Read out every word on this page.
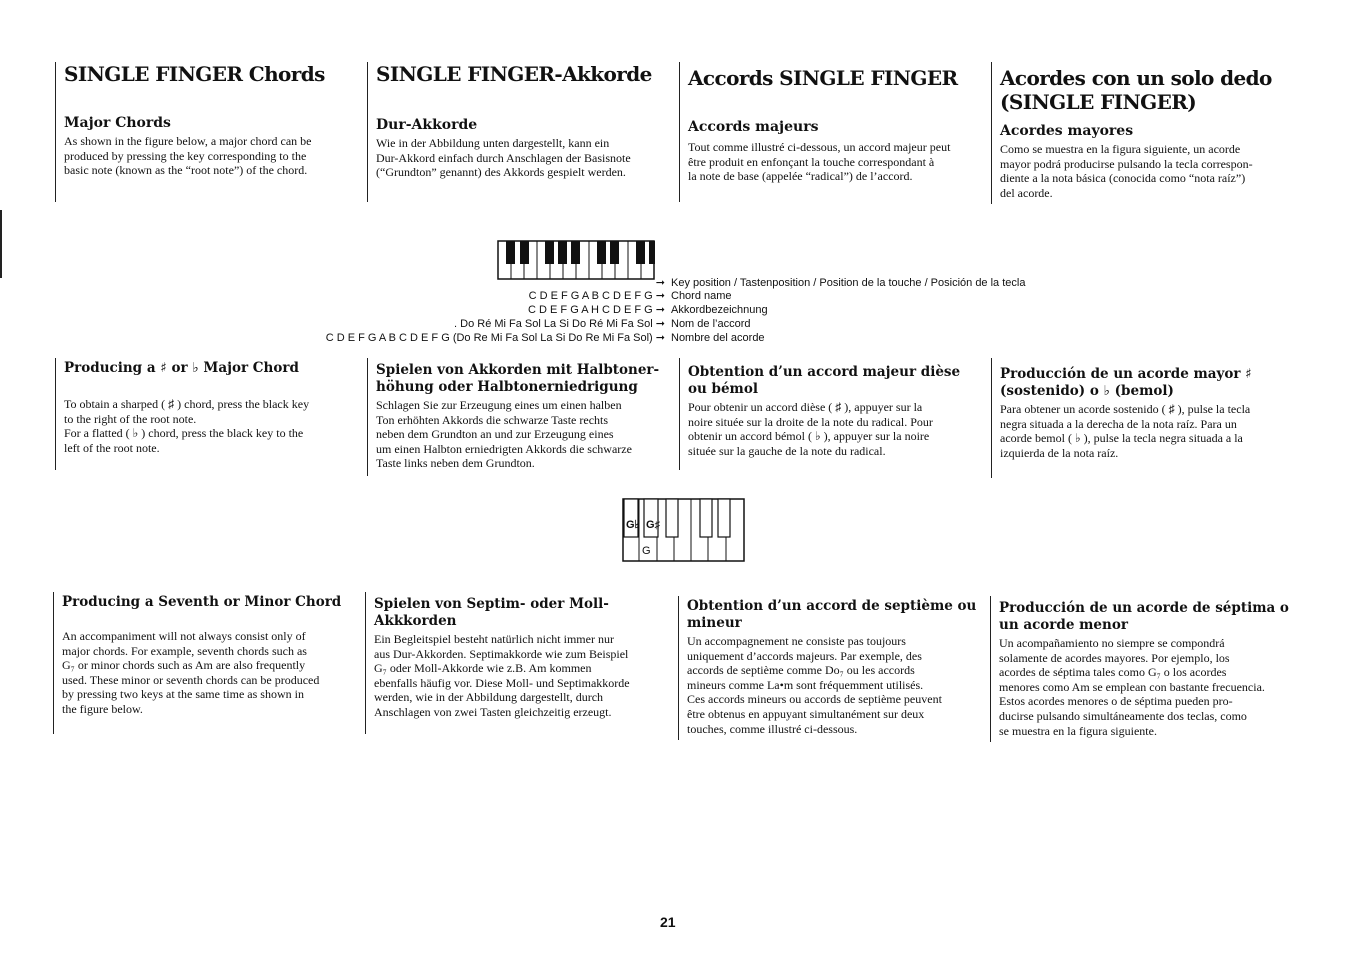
SINGLE FINGER Chords
Major Chords
As shown in the figure below, a major chord can be
produced by pressing the key corresponding to the
basic note (known as the “root note”) of the chord.
SINGLE FINGER-Akkorde
Dur-Akkorde
Wie in der Abbildung unten dargestellt, kann ein
Dur-Akkord einfach durch Anschlagen der Basisnote
(“Grundton” genannt) des Akkords gespielt werden.
Accords SINGLE FINGER
Accords majeurs
Tout comme illustré ci-dessous, un accord majeur peut
être produit en enfonçant la touche correspondant à
la note de base (appelée “radical”) de l’accord.
Acordes con un solo dedo
(SINGLE FINGER)
Acordes mayores
Como se muestra en la figura siguiente, un acorde
mayor podrá producirse pulsando la tecla correspon-
diente a la nota básica (conocida como “nota raíz”)
del acorde.
➞ Key position / Tastenposition / Position de la touche / Posición de la tecla
C D E F G A B C D E F G ➞ Chord name
C D E F G A H C D E F G ➞ Akkordbezeichnung
. Do Ré Mi Fa Sol La Si Do Ré Mi Fa Sol ➞ Nom de l’accord
C D E F G A B C D E F G (Do Re Mi Fa Sol La Si Do Re Mi Fa Sol) ➞ Nombre del acorde
Producing a ♯ or ♭ Major Chord
To obtain a sharped ( ♯ ) chord, press the black key
to the right of the root note.
For a flatted ( ♭ ) chord, press the black key to the
left of the root note.
Spielen von Akkorden mit Halbtoner-
höhung oder Halbtonerniedrigung
Schlagen Sie zur Erzeugung eines um einen halben
Ton erhöhten Akkords die schwarze Taste rechts
neben dem Grundton an und zur Erzeugung eines
um einen Halbton erniedrigten Akkords die schwarze
Taste links neben dem Grundton.
Obtention d’un accord majeur dièse
ou bémol
Pour obtenir un accord dièse ( ♯ ), appuyer sur la
noire située sur la droite de la note du radical. Pour
obtenir un accord bémol ( ♭ ), appuyer sur la noire
située sur la gauche de la note du radical.
Producción de un acorde mayor ♯
(sostenido) o ♭ (bemol)
Para obtener un acorde sostenido ( ♯ ), pulse la tecla
negra situada a la derecha de la nota raíz. Para un
acorde bemol ( ♭ ), pulse la tecla negra situada a la
izquierda de la nota raíz.
G♭ G♯
G
Producing a Seventh or Minor Chord
An accompaniment will not always consist only of
major chords. For example, seventh chords such as
G₇ or minor chords such as Am are also frequently
used. These minor or seventh chords can be produced
by pressing two keys at the same time as shown in
the figure below.
Spielen von Septim- oder Moll-
Akkkorden
Ein Begleitspiel besteht natürlich nicht immer nur
aus Dur-Akkorden. Septimakkorde wie zum Beispiel
G₇ oder Moll-Akkorde wie z.B. Am kommen
ebenfalls häufig vor. Diese Moll- und Septimakkorde
werden, wie in der Abbildung dargestellt, durch
Anschlagen von zwei Tasten gleichzeitig erzeugt.
Obtention d’un accord de septième ou
mineur
Un accompagnement ne consiste pas toujours
uniquement d’accords majeurs. Par exemple, des
accords de septième comme Do₇ ou les accords
mineurs comme La•m sont fréquemment utilisés.
Ces accords mineurs ou accords de septième peuvent
être obtenus en appuyant simultanément sur deux
touches, comme illustré ci-dessous.
Producción de un acorde de séptima o
un acorde menor
Un acompañamiento no siempre se compondrá
solamente de acordes mayores. Por ejemplo, los
acordes de séptima tales como G₇ o los acordes
menores como Am se emplean con bastante frecuencia.
Estos acordes menores o de séptima pueden pro-
ducirse pulsando simultáneamente dos teclas, como
se muestra en la figura siguiente.
21
